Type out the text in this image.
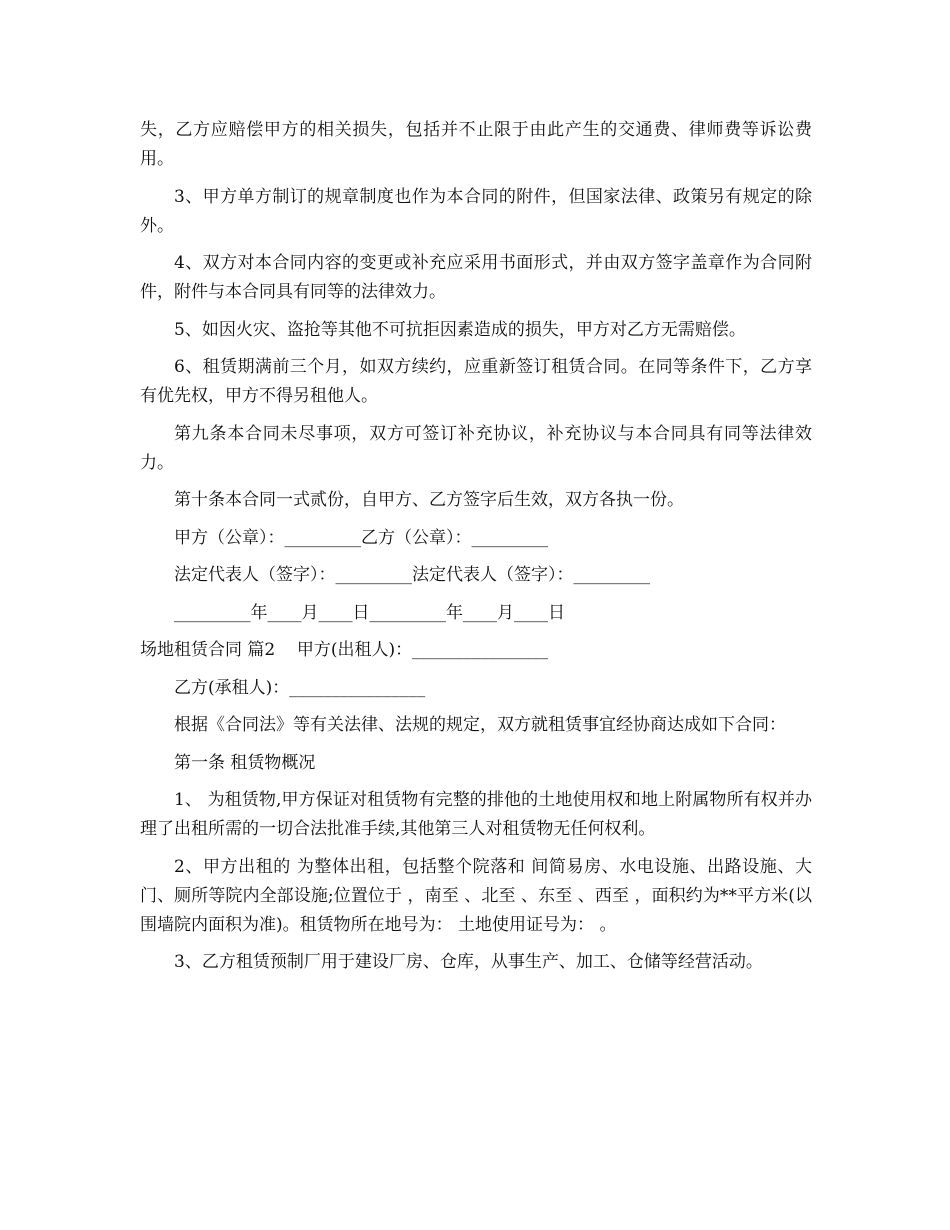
失，乙方应赔偿甲方的相关损失，包括并不止限于由此产生的交通费、律师费等诉讼费用。

3、甲方单方制订的规章制度也作为本合同的附件，但国家法律、政策另有规定的除外。

4、双方对本合同内容的变更或补充应采用书面形式，并由双方签字盖章作为合同附件，附件与本合同具有同等的法律效力。

5、如因火灾、盗抢等其他不可抗拒因素造成的损失，甲方对乙方无需赔偿。

6、租赁期满前三个月，如双方续约，应重新签订租赁合同。在同等条件下，乙方享有优先权，甲方不得另租他人。

第九条本合同未尽事项，双方可签订补充协议，补充协议与本合同具有同等法律效力。

第十条本合同一式贰份，自甲方、乙方签字后生效，双方各执一份。

甲方（公章）：_________乙方（公章）：_________

法定代表人（签字）：_________法定代表人（签字）：_________

_________年____月____日_________年____月____日

场地租赁合同 篇2    甲方(出租人)：________________

乙方(承租人)：________________

根据《合同法》等有关法律、法规的规定，双方就租赁事宜经协商达成如下合同：

第一条 租赁物概况

1、 为租赁物,甲方保证对租赁物有完整的排他的土地使用权和地上附属物所有权并办理了出租所需的一切合法批准手续,其他第三人对租赁物无任何权利。

2、甲方出租的 为整体出租，包括整个院落和 间简易房、水电设施、出路设施、大门、厕所等院内全部设施;位置位于 ，南至 、北至 、东至 、西至 ，面积约为**平方米(以围墙院内面积为准)。租赁物所在地号为： 土地使用证号为： 。

3、乙方租赁预制厂用于建设厂房、仓库，从事生产、加工、仓储等经营活动。
